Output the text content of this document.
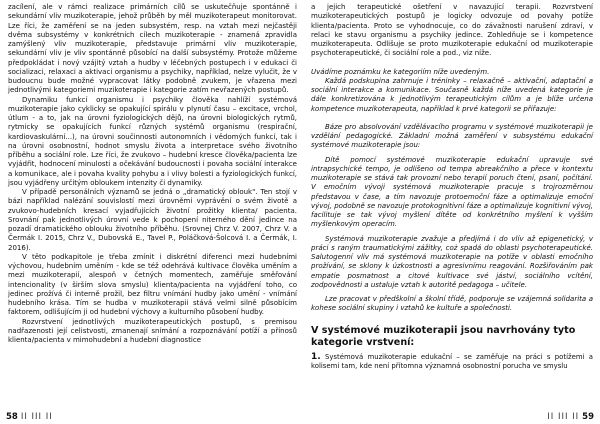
zacílení, ale v rámci realizace primárních cílů se uskutečňuje spontánně i sekundární vliv muzikoterapie, jehož průběh by měl muzikoterapeut monitorovat. Lze říci, že zaměření se na jeden subsystém, resp. na vztah mezi nejčastěji dvěma subsystémy v konkrétních cílech muzikoterapie - znamená zpravidla zamýšlený vliv muzikoterapie, představuje primární vliv muzikoterapie, sekundární vliv je vliv spontánně působící na další subsystémy. Protože můžeme předpokládat i nový vzájitý vztah a hudby v léčebných postupech i v edukaci či socializaci, relaxaci a aktivaci organismu a psychiky, například, nelze vylučit, že v budoucnu bude možné vypracovat látky podobně zvukem, je vřazena mezi jednotlivými kategoriemi muzikoterapie i kategorie zatím nevřazených postupů.

Dynamiku funkcí organismu i psychiky člověka nahlíží systémová muzikoterapie jako cyklicky se opakující spirálu v plynutí času – excitace, vrchol, útlum - a to, jak na úrovni fyziologických dějů, na úrovni biologických rytmů, rytmicky se opakujících funkcí různých systémů organismu (respirační, kardiovaskulární...), na úrovni součinnosti autonomních i vědomých funkcí, tak i na úrovni osobnostní, hodnot smyslu života a interpretace svého životního příběhu a sociální role. Lze říci, že zvukovo – hudební kresce člověka/pacienta lze vyjádřit, hodnocení minulosti a očekávání budoucnosti i povaha sociální interakce a komunikace, ale i povaha kvality pohybu a i vlivy bolesti a fyziologických funkcí, jsou vyjádřeny určitým obloukem intenzity či dynamiky.

V případě personálních významů se jedná o „dramatický oblouk". Ten stojí v bázi například nalézání souvislostí mezi úrovněmi vyprávění o svém životě a zvukovo-hudebních kresací vyjadřujících životní prožitky klienta/ pacienta. Srovnání pak jednotlivých úrovní vede k pochopení niterného dění jedince na pozadí dramatického oblouku životního příběhu. (Srovnej Chrz V. 2007, Chrz V. a Čermák I. 2015, Chrz V., Dubovská E., Tavel P., Poláčková-Šolcová I. a Čermák, I. 2016).

V těto podkapitole je třeba zmínit i diskrétní diferenci mezi hudebními výchovou, hudebním uměním - kde se též odehrává kultivace člověka uměním a mezi muzikoterapií, alespoň v četných momentech, zaměřuje směřování intencionality (v širším slova smyslu) klienta/pacienta na vyjádření toho, co jedinec prožívá či interně prožil, bez filtru vnímání hudby jako umění - vnímání hudebního krása. Tím se hudba v muzikoterapii stává velmi silně působícím faktorem, odlišujícím ji od hudební výchovy a kulturního působení hudby.

Rozvrstvení jednotlivých muzikoterapeutických postupů, s premisou nadřazenosti její celistvosti, zmanenají snímání a rozpoznávání potíží a přínosů klienta/pacienta v mimohudební a hudební diagnostice

a jejich terapeutické ošetření v navazující terapii. Rozvrstvení muzikoterapeutických postupů je logicky odvozuje od povahy potíže klienta/pacienta. Proto se vyhodnocuje, co do závažnosti narušení zdraví, v relaci ke stavu organismu a psychiky jedince. Zohledňuje se i kompetence muzikoterapeuta. Odlišuje se proto muzikoterapie edukační od muzikoterapie psychoterapeutické, či sociální role a pod., viz níže.

Uvádíme poznámku ke kategoriím níže uvedeným.

Každá podskupina zahrnuje i tréninky – relaxačně – aktivační, adaptační a sociální interakce a komunikace. Současně každá níže uvedená kategorie je dále konkretizována k jednotlivým terapeutickým cílům a je blíže určena kompetence muzikoterapeuta, například k prvé kategorii se přiřazuje:

Báze pro absolvování vzdělávacího programu v systémové muzikoterapii je vzdělání pedagogické. Základní možná zaměření v subsystému edukační systémové muzikoterapie jsou:

Dítě pomocí systémové muzikoterapie edukační upravuje své intrapsychické tempo, je odlišeno od tempa abreakčního a přece v kontextu muzikoterapie se stává tak provozní nebo terapií poruch čtení, psaní, počítání. V emočním vývoji systémová muzikoterapie pracuje s trojrozměrnou představou v čase, a tím navozuje protoemoční fáze a optimalizuje emoční vývoj, podobně se navozuje protokognitivní fáze a optimalizuje kognitivní vývoj, facilituje se tak vývoj myšlení dítěte od konkrétního myšlení k vyšším myšlenkovým operacím.

Systémová muzikoterapie zvažuje a předjímá i do vlív až epigenetický, v práci s raným traumatickými zážitky, coż spadá do oblasti psychoterapeutické. Salutogenní vliv má systémová muzikoterapie na potíže v oblasti emočního prožívání, se sklony k úzkostnosti a agresivnímu reagování. Rozšiřováním pak empatie posmatnost a citové kultivace své jáství, sociálního vcítění, zodpovědnosti a ustaluje vztah k autoritě pedagoga – učitele.

Lze pracovat v předškolní a školní třídě, podporuje se vzájemná solidarita a kohese sociální skupiny i vztahů ke kultuře a společnosti.

V systémové muzikoterapii jsou navrhovány tyto kategorie vrstvení:

1. Systémová muzikoterapie edukační – se zaměřuje na práci s potížemi a kolisemi tam, kde není přítomna významná osobnostní porucha ve smyslu

58 II III II	II III II 59
